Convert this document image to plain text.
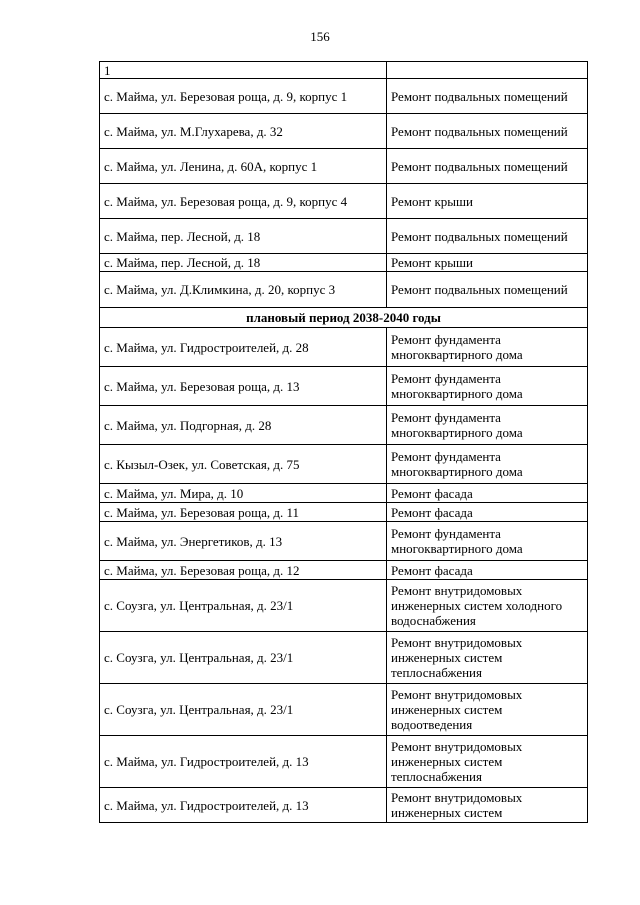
156
1	
с. Майма, ул. Березовая роща, д. 9, корпус 1	Ремонт подвальных помещений
с. Майма, ул. М.Глухарева, д. 32	Ремонт подвальных помещений
с. Майма, ул. Ленина, д. 60А, корпус 1	Ремонт подвальных помещений
с. Майма, ул. Березовая роща, д. 9, корпус 4	Ремонт крыши
с. Майма, пер. Лесной, д. 18	Ремонт подвальных помещений
с. Майма, пер. Лесной, д. 18	Ремонт крыши
с. Майма, ул. Д.Климкина, д. 20, корпус 3	Ремонт подвальных помещений
плановый период 2038-2040 годы	
с. Майма, ул. Гидростроителей, д. 28	Ремонт фундамента многоквартирного дома
с. Майма, ул. Березовая роща, д. 13	Ремонт фундамента многоквартирного дома
с. Майма, ул. Подгорная, д. 28	Ремонт фундамента многоквартирного дома
с. Кызыл-Озек, ул. Советская, д. 75	Ремонт фундамента многоквартирного дома
с. Майма, ул. Мира, д. 10	Ремонт фасада
с. Майма, ул. Березовая роща, д. 11	Ремонт фасада
с. Майма, ул. Энергетиков, д. 13	Ремонт фундамента многоквартирного дома
с. Майма, ул. Березовая роща, д. 12	Ремонт фасада
с. Соузга, ул. Центральная, д. 23/1	Ремонт внутридомовых инженерных систем холодного водоснабжения
с. Соузга, ул. Центральная, д. 23/1	Ремонт внутридомовых инженерных систем теплоснабжения
с. Соузга, ул. Центральная, д. 23/1	Ремонт внутридомовых инженерных систем водоотведения
с. Майма, ул. Гидростроителей, д. 13	Ремонт внутридомовых инженерных систем теплоснабжения
с. Майма, ул. Гидростроителей, д. 13	Ремонт внутридомовых инженерных систем
